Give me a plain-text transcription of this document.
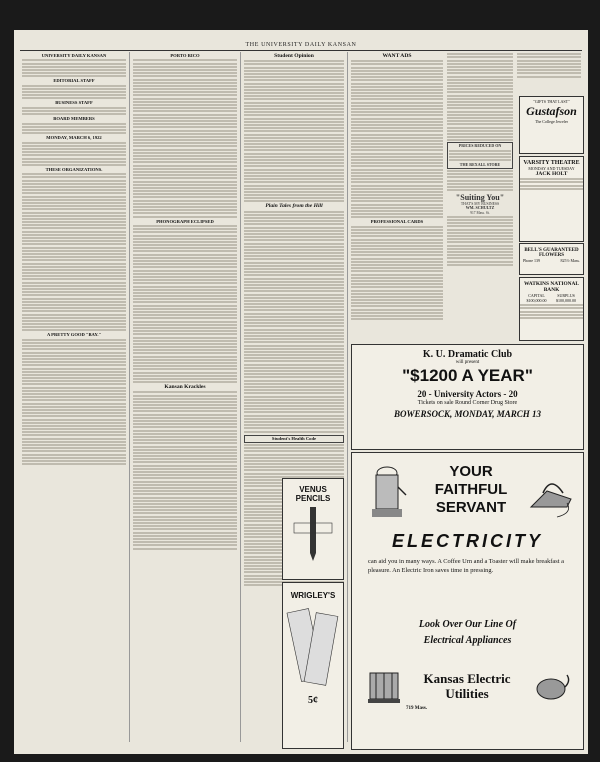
THE UNIVERSITY DAILY KANSAN
UNIVERSITY DAILY KANSAN
EDITORIAL STAFF
BUSINESS STAFF
BOARD MEMBERS
MONDAY, MARCH 6, 1922
THESE ORGANIZATIONS.
A PRETTY GOOD "BAY."
PORTO RICO
PHONOGRAPH ECLIPSED
Kansan Krackles
Student Opinion
Plain Tales from the Hill
Student's Health Code
WANT ADS
PROFESSIONAL CARDS
VENUS PENCILS
WRIGLEY'S
5¢
PRICES REDUCED ON
THE REXALL STORE
"Suiting You"
THAT'S MY BUSINESS
WM. SCHULTZ
917 Mass. St.
"GIFTS THAT LAST"
Gustafson
The College Jeweler
VARSITY THEATRE
MONDAY AND TUESDAY
JACK HOLT
BELL'S GUARANTEED FLOWERS
Phone 139	825½ Mass.
WATKINS NATIONAL BANK
CAPITAL $100,000.00
SURPLUS $100,000.00
K. U. Dramatic Club
will present
"$1200 A YEAR"
20 - University Actors - 20
Tickets on sale Round Corner Drug Store
BOWERSOCK, MONDAY, MARCH 13
YOUR
FAITHFUL
SERVANT
ELECTRICITY
can aid you in many ways. A Coffee Urn and a Toaster will make breakfast a pleasure. An Electric Iron saves time in pressing.
Look Over Our Line Of
Electrical Appliances
Kansas Electric
Utilities
719 Mass.
